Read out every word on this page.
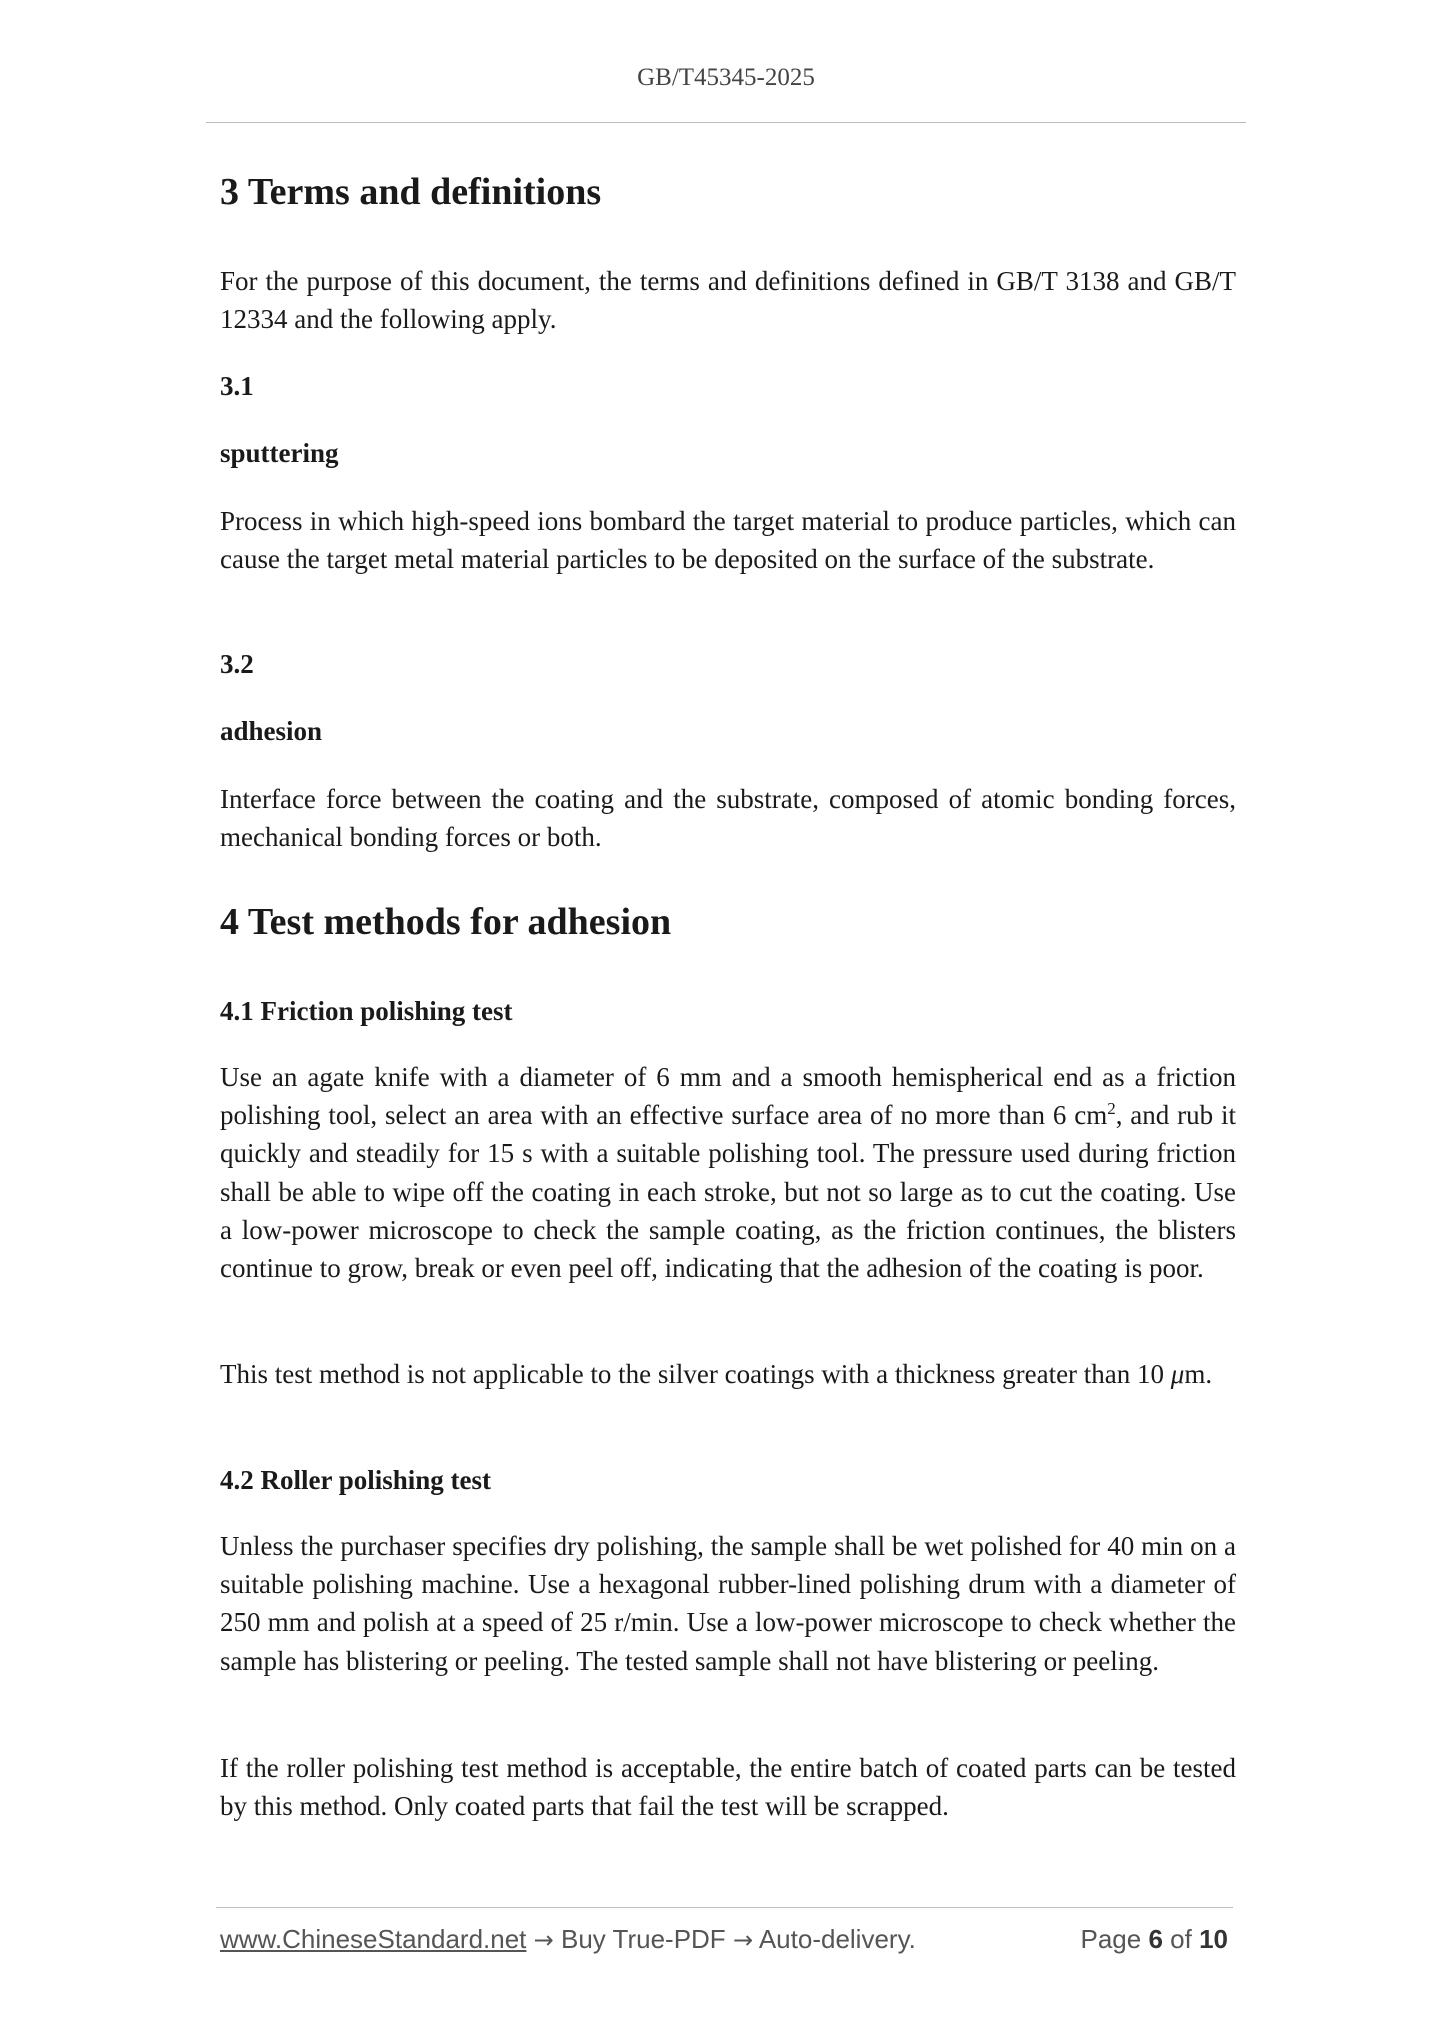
GB/T45345-2025
3 Terms and definitions

For the purpose of this document, the terms and definitions defined in GB/T 3138 and GB/T 12334 and the following apply.

3.1
sputtering

Process in which high-speed ions bombard the target material to produce particles, which can cause the target metal material particles to be deposited on the surface of the substrate.

3.2
adhesion

Interface force between the coating and the substrate, composed of atomic bonding forces, mechanical bonding forces or both.

4 Test methods for adhesion
4.1 Friction polishing test

Use an agate knife with a diameter of 6 mm and a smooth hemispherical end as a friction polishing tool, select an area with an effective surface area of no more than 6 $cm^2$, and rub it quickly and steadily for 15 s with a suitable polishing tool. The pressure used during friction shall be able to wipe off the coating in each stroke, but not so large as to cut the coating. Use a low-power microscope to check the sample coating, as the friction continues, the blisters continue to grow, break or even peel off, indicating that the adhesion of the coating is poor.

This test method is not applicable to the silver coatings with a thickness greater than 10 μm.

4.2 Roller polishing test

Unless the purchaser specifies dry polishing, the sample shall be wet polished for 40 min on a suitable polishing machine. Use a hexagonal rubber-lined polishing drum with a diameter of 250 mm and polish at a speed of 25 r/min. Use a low-power microscope to check whether the sample has blistering or peeling. The tested sample shall not have blistering or peeling.

If the roller polishing test method is acceptable, the entire batch of coated parts can be tested by this method. Only coated parts that fail the test will be scrapped.

www.ChineseStandard.net → Buy True-PDF → Auto-delivery.	Page 6 of 10
